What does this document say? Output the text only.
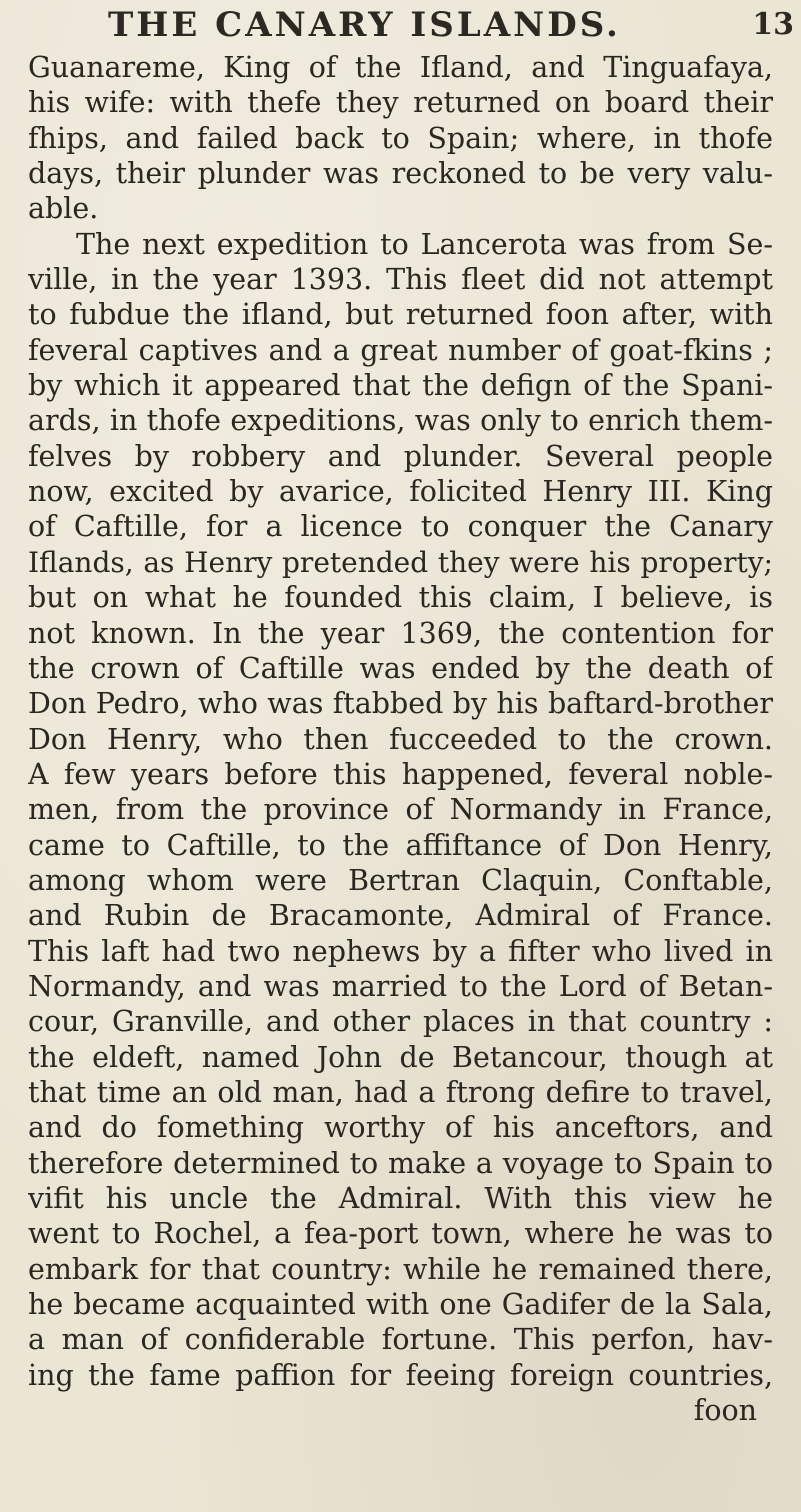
THE CANARY ISLANDS.	13
Guanareme, King of the Ifland, and Tinguafaya,
his wife: with thefe they returned on board their
fhips, and failed back to Spain; where, in thofe
days, their plunder was reckoned to be very valu-
able.
The next expedition to Lancerota was from Se-
ville, in the year 1393. This fleet did not attempt
to fubdue the ifland, but returned foon after, with
feveral captives and a great number of goat-fkins ;
by which it appeared that the defign of the Spani-
ards, in thofe expeditions, was only to enrich them-
felves by robbery and plunder. Several people
now, excited by avarice, folicited Henry III. King
of Caftille, for a licence to conquer the Canary
Iflands, as Henry pretended they were his property;
but on what he founded this claim, I believe, is
not known. In the year 1369, the contention for
the crown of Caftille was ended by the death of
Don Pedro, who was ftabbed by his baftard-brother
Don Henry, who then fucceeded to the crown.
A few years before this happened, feveral noble-
men, from the province of Normandy in France,
came to Caftille, to the affiftance of Don Henry,
among whom were Bertran Claquin, Conftable,
and Rubin de Bracamonte, Admiral of France.
This laft had two nephews by a fifter who lived in
Normandy, and was married to the Lord of Betan-
cour, Granville, and other places in that country :
the eldeft, named John de Betancour, though at
that time an old man, had a ftrong defire to travel,
and do fomething worthy of his anceftors, and
therefore determined to make a voyage to Spain to
vifit his uncle the Admiral. With this view he
went to Rochel, a fea-port town, where he was to
embark for that country: while he remained there,
he became acquainted with one Gadifer de la Sala,
a man of confiderable fortune. This perfon, hav-
ing the fame paffion for feeing foreign countries,
foon
